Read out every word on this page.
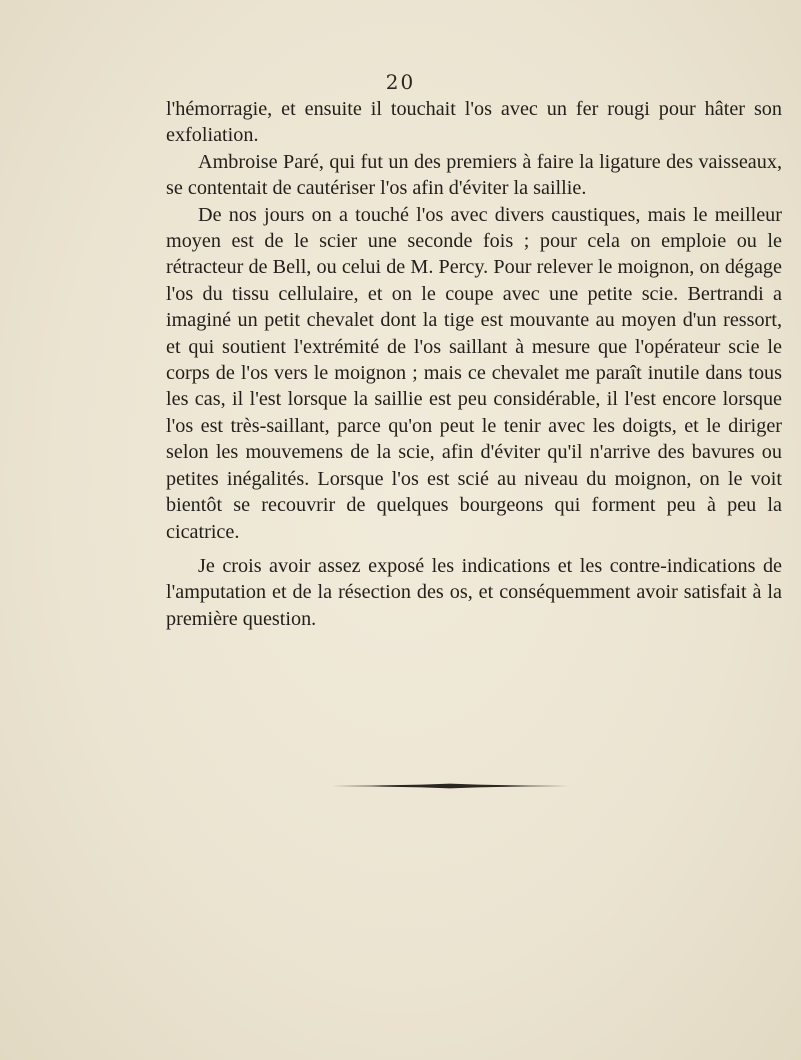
20

l'hémorragie, et ensuite il touchait l'os avec un fer rougi pour hâter son exfoliation.

Ambroise Paré, qui fut un des premiers à faire la ligature des vaisseaux, se contentait de cautériser l'os afin d'éviter la saillie.

De nos jours on a touché l'os avec divers caustiques, mais le meilleur moyen est de le scier une seconde fois ; pour cela on emploie ou le rétracteur de Bell, ou celui de M. Percy. Pour relever le moignon, on dégage l'os du tissu cellulaire, et on le coupe avec une petite scie. Bertrandi a imaginé un petit chevalet dont la tige est mouvante au moyen d'un ressort, et qui soutient l'extrémité de l'os saillant à mesure que l'opérateur scie le corps de l'os vers le moignon ; mais ce chevalet me paraît inutile dans tous les cas, il l'est lorsque la saillie est peu considérable, il l'est encore lorsque l'os est très-saillant, parce qu'on peut le tenir avec les doigts, et le diriger selon les mouvemens de la scie, afin d'éviter qu'il n'arrive des bavures ou petites inégalités. Lorsque l'os est scié au niveau du moignon, on le voit bientôt se recouvrir de quelques bourgeons qui forment peu à peu la cicatrice.

Je crois avoir assez exposé les indications et les contre-indications de l'amputation et de la résection des os, et conséquemment avoir satisfait à la première question.
